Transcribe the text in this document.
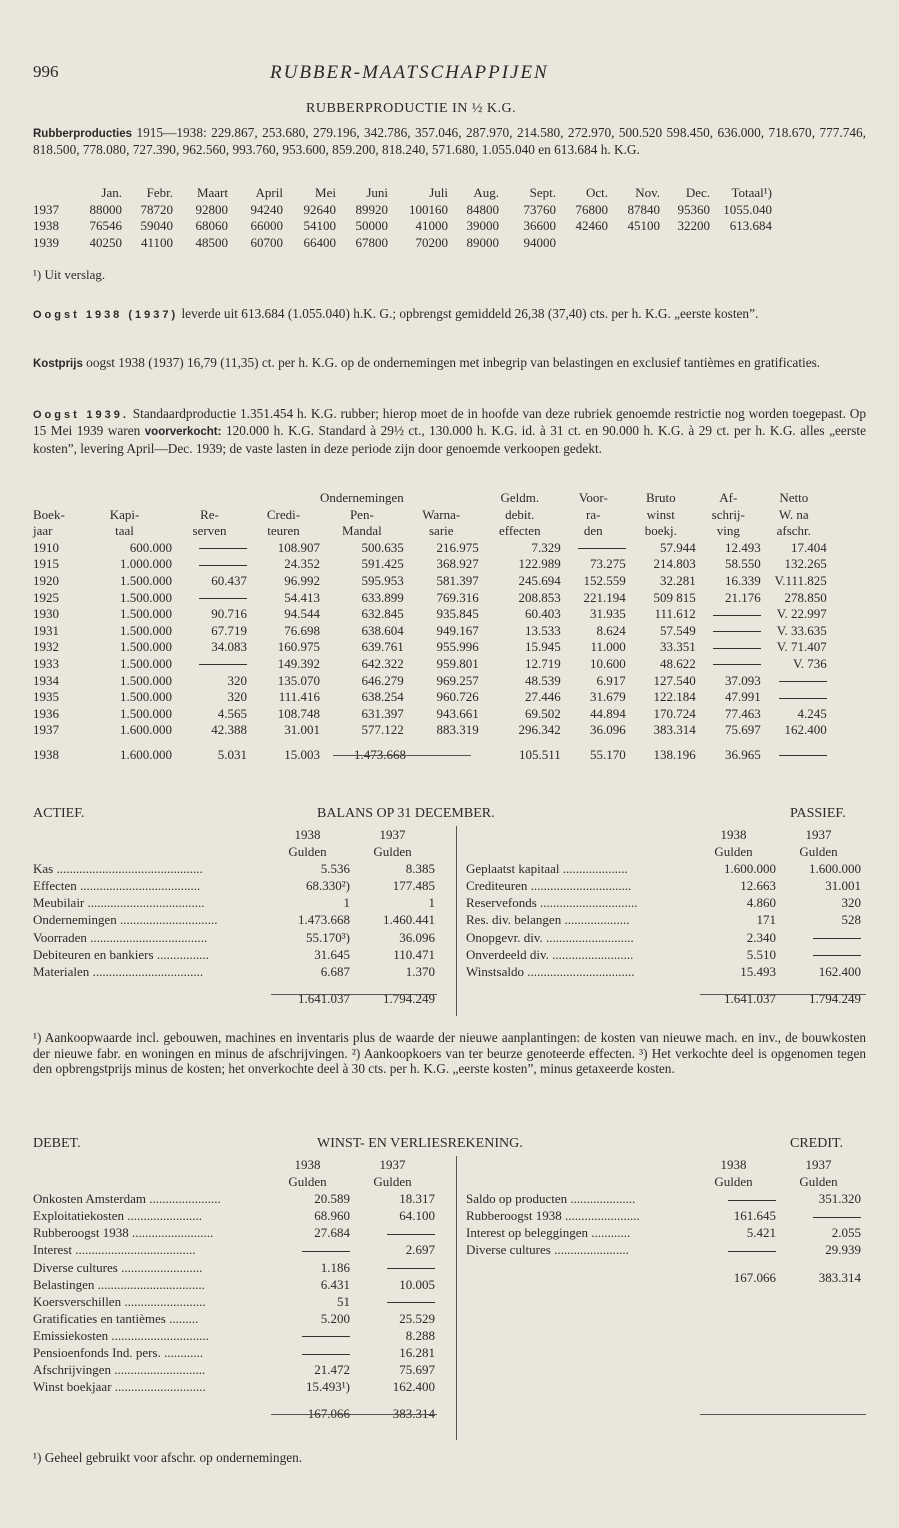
996	RUBBER-MAATSCHAPPIJEN
RUBBERPRODUCTIE IN ½ K.G.
Rubberproducties 1915—1938: 229.867, 253.680, 279.196, 342.786, 357.046, 287.970, 214.580, 272.970, 500.520 598.450, 636.000, 718.670, 777.746, 818.500, 778.080, 727.390, 962.560, 993.760, 953.600, 859.200, 818.240, 571.680, 1.055.040 en 613.684 h. K.G.
	Jan.	Febr.	Maart	April	Mei	Juni	Juli	Aug.	Sept.	Oct.	Nov.	Dec.	Totaal¹)
1937	88000	78720	92800	94240	92640	89920	100160	84800	73760	76800	87840	95360	1055.040
1938	76546	59040	68060	66000	54100	50000	41000	39000	36600	42460	45100	32200	613.684
1939	40250	41100	48500	60700	66400	67800	70200	89000	94000				
¹) Uit verslag.
Oogst 1938 (1937) leverde uit 613.684 (1.055.040) h.K. G.; opbrengst gemiddeld 26,38 (37,40) cts. per h. K.G. „eerste kosten”.
Kostprijs oogst 1938 (1937) 16,79 (11,35) ct. per h. K.G. op de ondernemingen met inbegrip van belastingen en exclusief tantièmes en gratificaties.
Oogst 1939. Standaardproductie 1.351.454 h. K.G. rubber; hierop moet de in hoofde van deze rubriek genoemde restrictie nog worden toegepast. Op 15 Mei 1939 waren voorverkocht: 120.000 h. K.G. Standard à 29½ ct., 130.000 h. K.G. id. à 31 ct. en 90.000 h. K.G. à 29 ct. per h. K.G. alles „eerste kosten”, levering April—Dec. 1939; de vaste lasten in deze periode zijn door genoemde verkoopen gedekt.
				Ondernemingen		Geldm.	Voor-	Bruto	Af-	Netto
Boek-	Kapi-	Re-	Credi-	Pen-	Warna-	debit.	ra-	winst	schrij-	W. na
jaar	taal	serven	teuren	Mandal	sarie	effecten	den	boekj.	ving	afschr.
1910	600.000		108.907	500.635	216.975	7.329		57.944	12.493	17.404
1915	1.000.000		24.352	591.425	368.927	122.989	73.275	214.803	58.550	132.265
1920	1.500.000	60.437	96.992	595.953	581.397	245.694	152.559	32.281	16.339	V.111.825
1925	1.500.000		54.413	633.899	769.316	208.853	221.194	509 815	21.176	278.850
1930	1.500.000	90.716	94.544	632.845	935.845	60.403	31.935	111.612		V. 22.997
1931	1.500.000	67.719	76.698	638.604	949.167	13.533	8.624	57.549		V. 33.635
1932	1.500.000	34.083	160.975	639.761	955.996	15.945	11.000	33.351		V. 71.407
1933	1.500.000		149.392	642.322	959.801	12.719	10.600	48.622		V. 736
1934	1.500.000	320	135.070	646.279	969.257	48.539	6.917	127.540	37.093	
1935	1.500.000	320	111.416	638.254	960.726	27.446	31.679	122.184	47.991	
1936	1.500.000	4.565	108.748	631.397	943.661	69.502	44.894	170.724	77.463	4.245
1937	1.600.000	42.388	31.001	577.122	883.319	296.342	36.096	383.314	75.697	162.400

1938	1.600.000	5.031	15.003	1.473.668		105.511	55.170	138.196	36.965	
ACTIEF.	BALANS OP 31 DECEMBER.	PASSIEF.
	1938	1937
	Gulden	Gulden
Kas .............................................	5.536	8.385
Effecten .....................................	68.330²)	177.485
Meubilair ....................................	1	1
Ondernemingen ..............................	1.473.668	1.460.441
Voorraden ....................................	55.170³)	36.096
Debiteuren en bankiers ................	31.645	110.471
Materialen ..................................	6.687	1.370

	1.641.037	1.794.249
	1938	1937
	Gulden	Gulden
Geplaatst kapitaal ....................	1.600.000	1.600.000
Crediteuren ...............................	12.663	31.001
Reservefonds ..............................	4.860	320
Res. div. belangen ....................	171	528
Onopgevr. div. ...........................	2.340	
Onverdeeld div. .........................	5.510	
Winstsaldo .................................	15.493	162.400

	1.641.037	1.794.249
¹) Aankoopwaarde incl. gebouwen, machines en inventaris plus de waarde der nieuwe aanplantingen: de kosten van nieuwe mach. en inv., de bouwkosten der nieuwe fabr. en woningen en minus de afschrijvingen. ²) Aankoopkoers van ter beurze genoteerde effecten. ³) Het verkochte deel is opgenomen tegen den opbrengstprijs minus de kosten; het onverkochte deel à 30 cts. per h. K.G. „eerste kosten”, minus getaxeerde kosten.
DEBET.	WINST- EN VERLIESREKENING.	CREDIT.
	1938	1937
	Gulden	Gulden
Onkosten Amsterdam ......................	20.589	18.317
Exploitatiekosten .......................	68.960	64.100
Rubberoogst 1938 .........................	27.684	
Interest .....................................		2.697
Diverse cultures .........................	1.186	
Belastingen .................................	6.431	10.005
Koersverschillen .........................	51	
Gratificaties en tantièmes .........	5.200	25.529
Emissiekosten ..............................		8.288
Pensioenfonds Ind. pers. ............		16.281
Afschrijvingen ............................	21.472	75.697
Winst boekjaar ............................	15.493¹)	162.400

	167.066	383.314
	1938	1937
	Gulden	Gulden
Saldo op producten ....................		351.320
Rubberoogst 1938 .......................	161.645	
Interest op beleggingen ............	5.421	2.055
Diverse cultures .......................		29.939

	167.066	383.314
¹) Geheel gebruikt voor afschr. op ondernemingen.
